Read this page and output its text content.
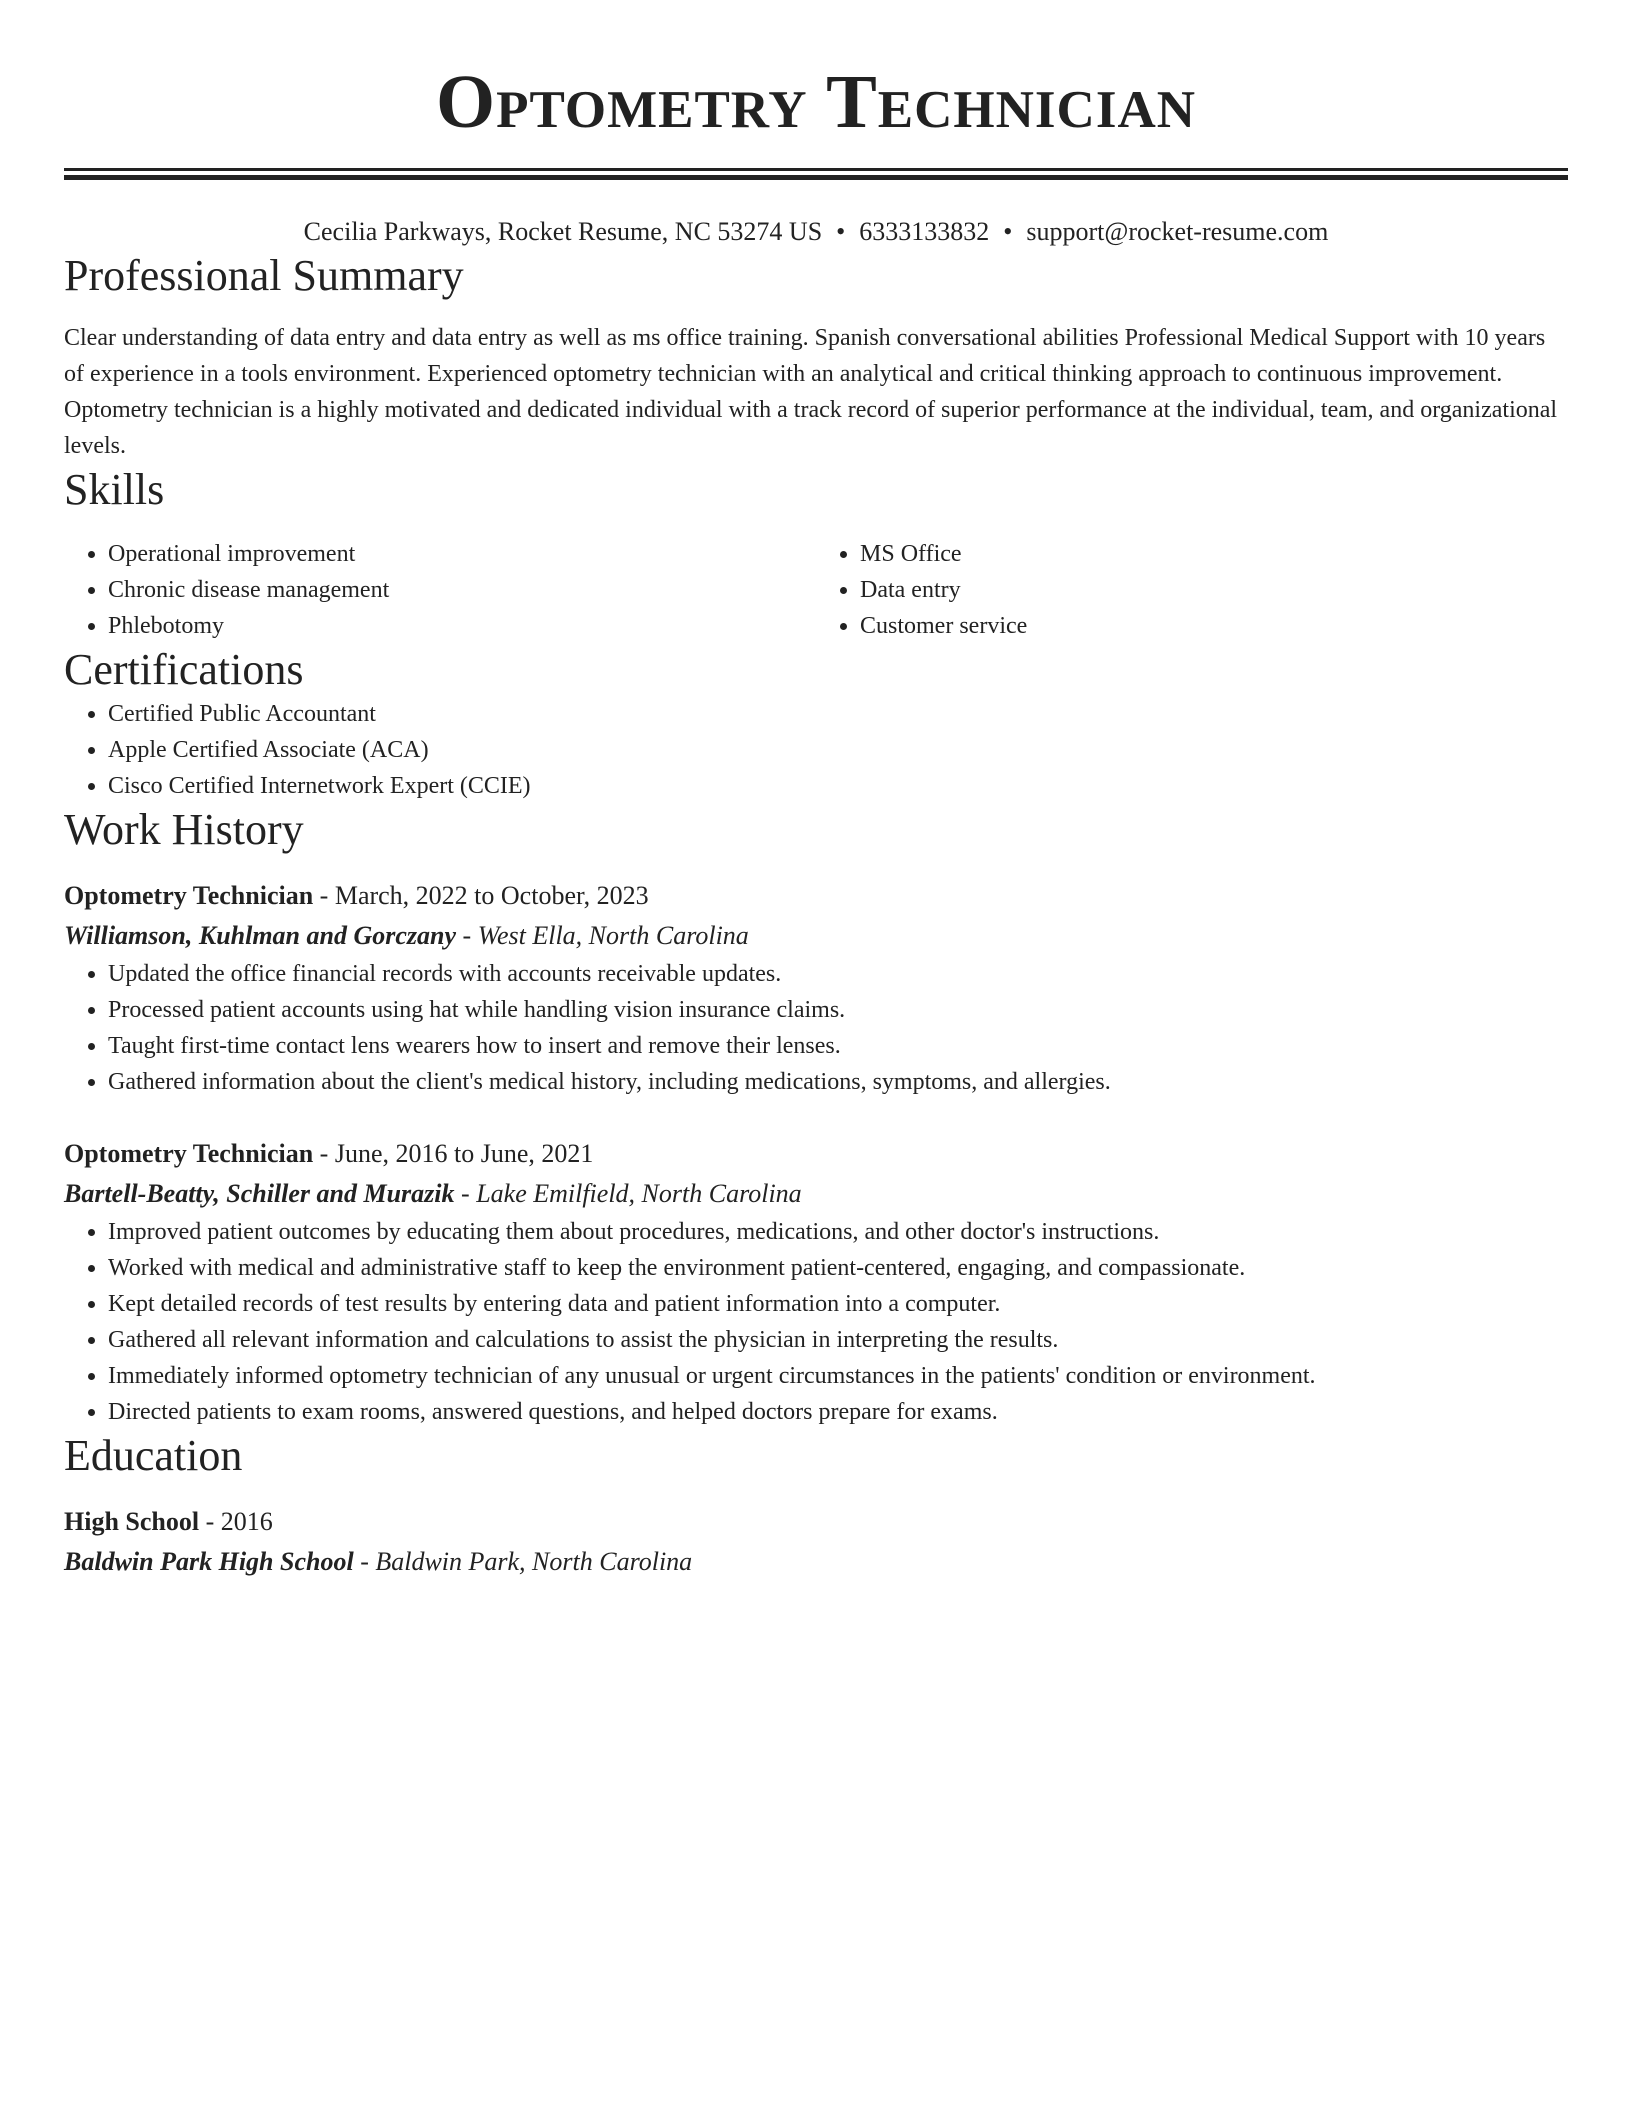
Optometry Technician
Cecilia Parkways, Rocket Resume, NC 53274 US • 6333133832 • support@rocket-resume.com
Professional Summary

Clear understanding of data entry and data entry as well as ms office training. Spanish conversational abilities Professional Medical Support with 10 years of experience in a tools environment. Experienced optometry technician with an analytical and critical thinking approach to continuous improvement. Optometry technician is a highly motivated and dedicated individual with a track record of superior performance at the individual, team, and organizational levels.

Skills
• Operational improvement
• Chronic disease management
• Phlebotomy
• MS Office
• Data entry
• Customer service
Certifications
• Certified Public Accountant
• Apple Certified Associate (ACA)
• Cisco Certified Internetwork Expert (CCIE)
Work History
Optometry Technician - March, 2022 to October, 2023
Williamson, Kuhlman and Gorczany - West Ella, North Carolina
• Updated the office financial records with accounts receivable updates.
• Processed patient accounts using hat while handling vision insurance claims.
• Taught first-time contact lens wearers how to insert and remove their lenses.
• Gathered information about the client's medical history, including medications, symptoms, and allergies.
Optometry Technician - June, 2016 to June, 2021
Bartell-Beatty, Schiller and Murazik - Lake Emilfield, North Carolina
• Improved patient outcomes by educating them about procedures, medications, and other doctor's instructions.
• Worked with medical and administrative staff to keep the environment patient-centered, engaging, and compassionate.
• Kept detailed records of test results by entering data and patient information into a computer.
• Gathered all relevant information and calculations to assist the physician in interpreting the results.
• Immediately informed optometry technician of any unusual or urgent circumstances in the patients' condition or environment.
• Directed patients to exam rooms, answered questions, and helped doctors prepare for exams.
Education
High School - 2016
Baldwin Park High School - Baldwin Park, North Carolina
